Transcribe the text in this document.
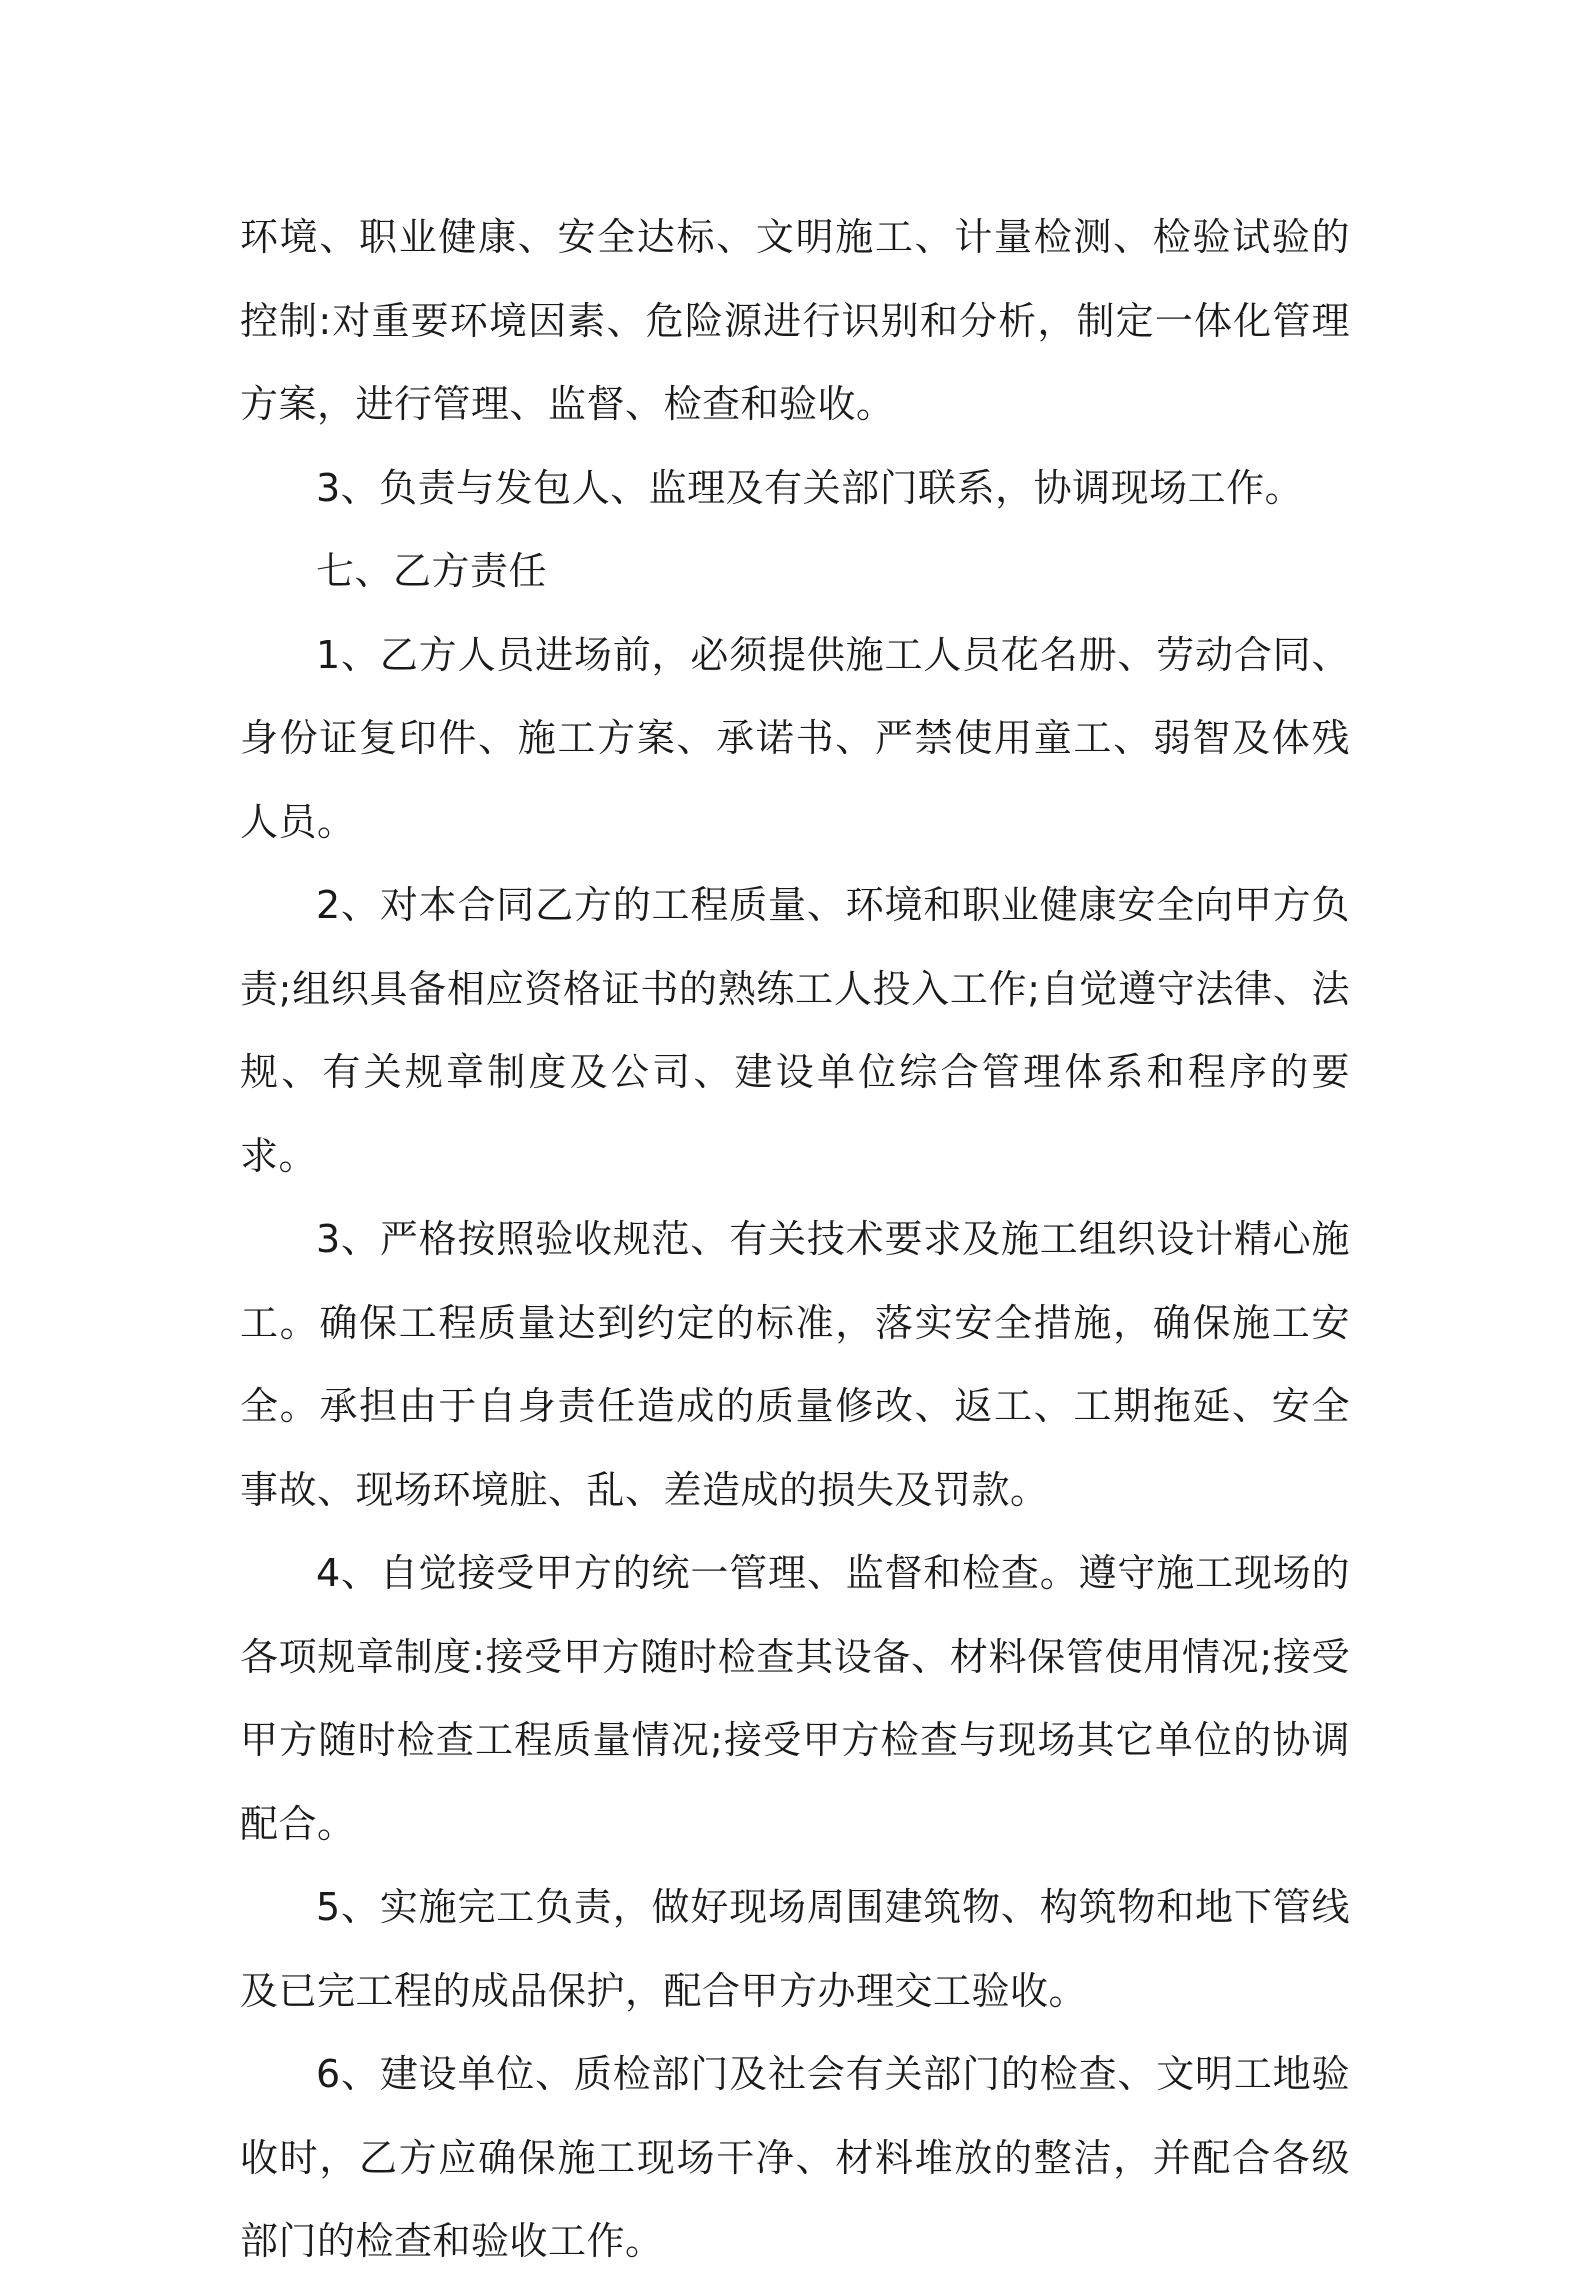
环境、职业健康、安全达标、文明施工、计量检测、检验试验的控制:对重要环境因素、危险源进行识别和分析，制定一体化管理方案，进行管理、监督、检查和验收。

3、负责与发包人、监理及有关部门联系，协调现场工作。

七、乙方责任

1、乙方人员进场前，必须提供施工人员花名册、劳动合同、身份证复印件、施工方案、承诺书、严禁使用童工、弱智及体残人员。

2、对本合同乙方的工程质量、环境和职业健康安全向甲方负责;组织具备相应资格证书的熟练工人投入工作;自觉遵守法律、法规、有关规章制度及公司、建设单位综合管理体系和程序的要求。

3、严格按照验收规范、有关技术要求及施工组织设计精心施工。确保工程质量达到约定的标准，落实安全措施，确保施工安全。承担由于自身责任造成的质量修改、返工、工期拖延、安全事故、现场环境脏、乱、差造成的损失及罚款。

4、自觉接受甲方的统一管理、监督和检查。遵守施工现场的各项规章制度:接受甲方随时检查其设备、材料保管使用情况;接受甲方随时检查工程质量情况;接受甲方检查与现场其它单位的协调配合。

5、实施完工负责，做好现场周围建筑物、构筑物和地下管线及已完工程的成品保护，配合甲方办理交工验收。

6、建设单位、质检部门及社会有关部门的检查、文明工地验收时，乙方应确保施工现场干净、材料堆放的整洁，并配合各级部门的检查和验收工作。
